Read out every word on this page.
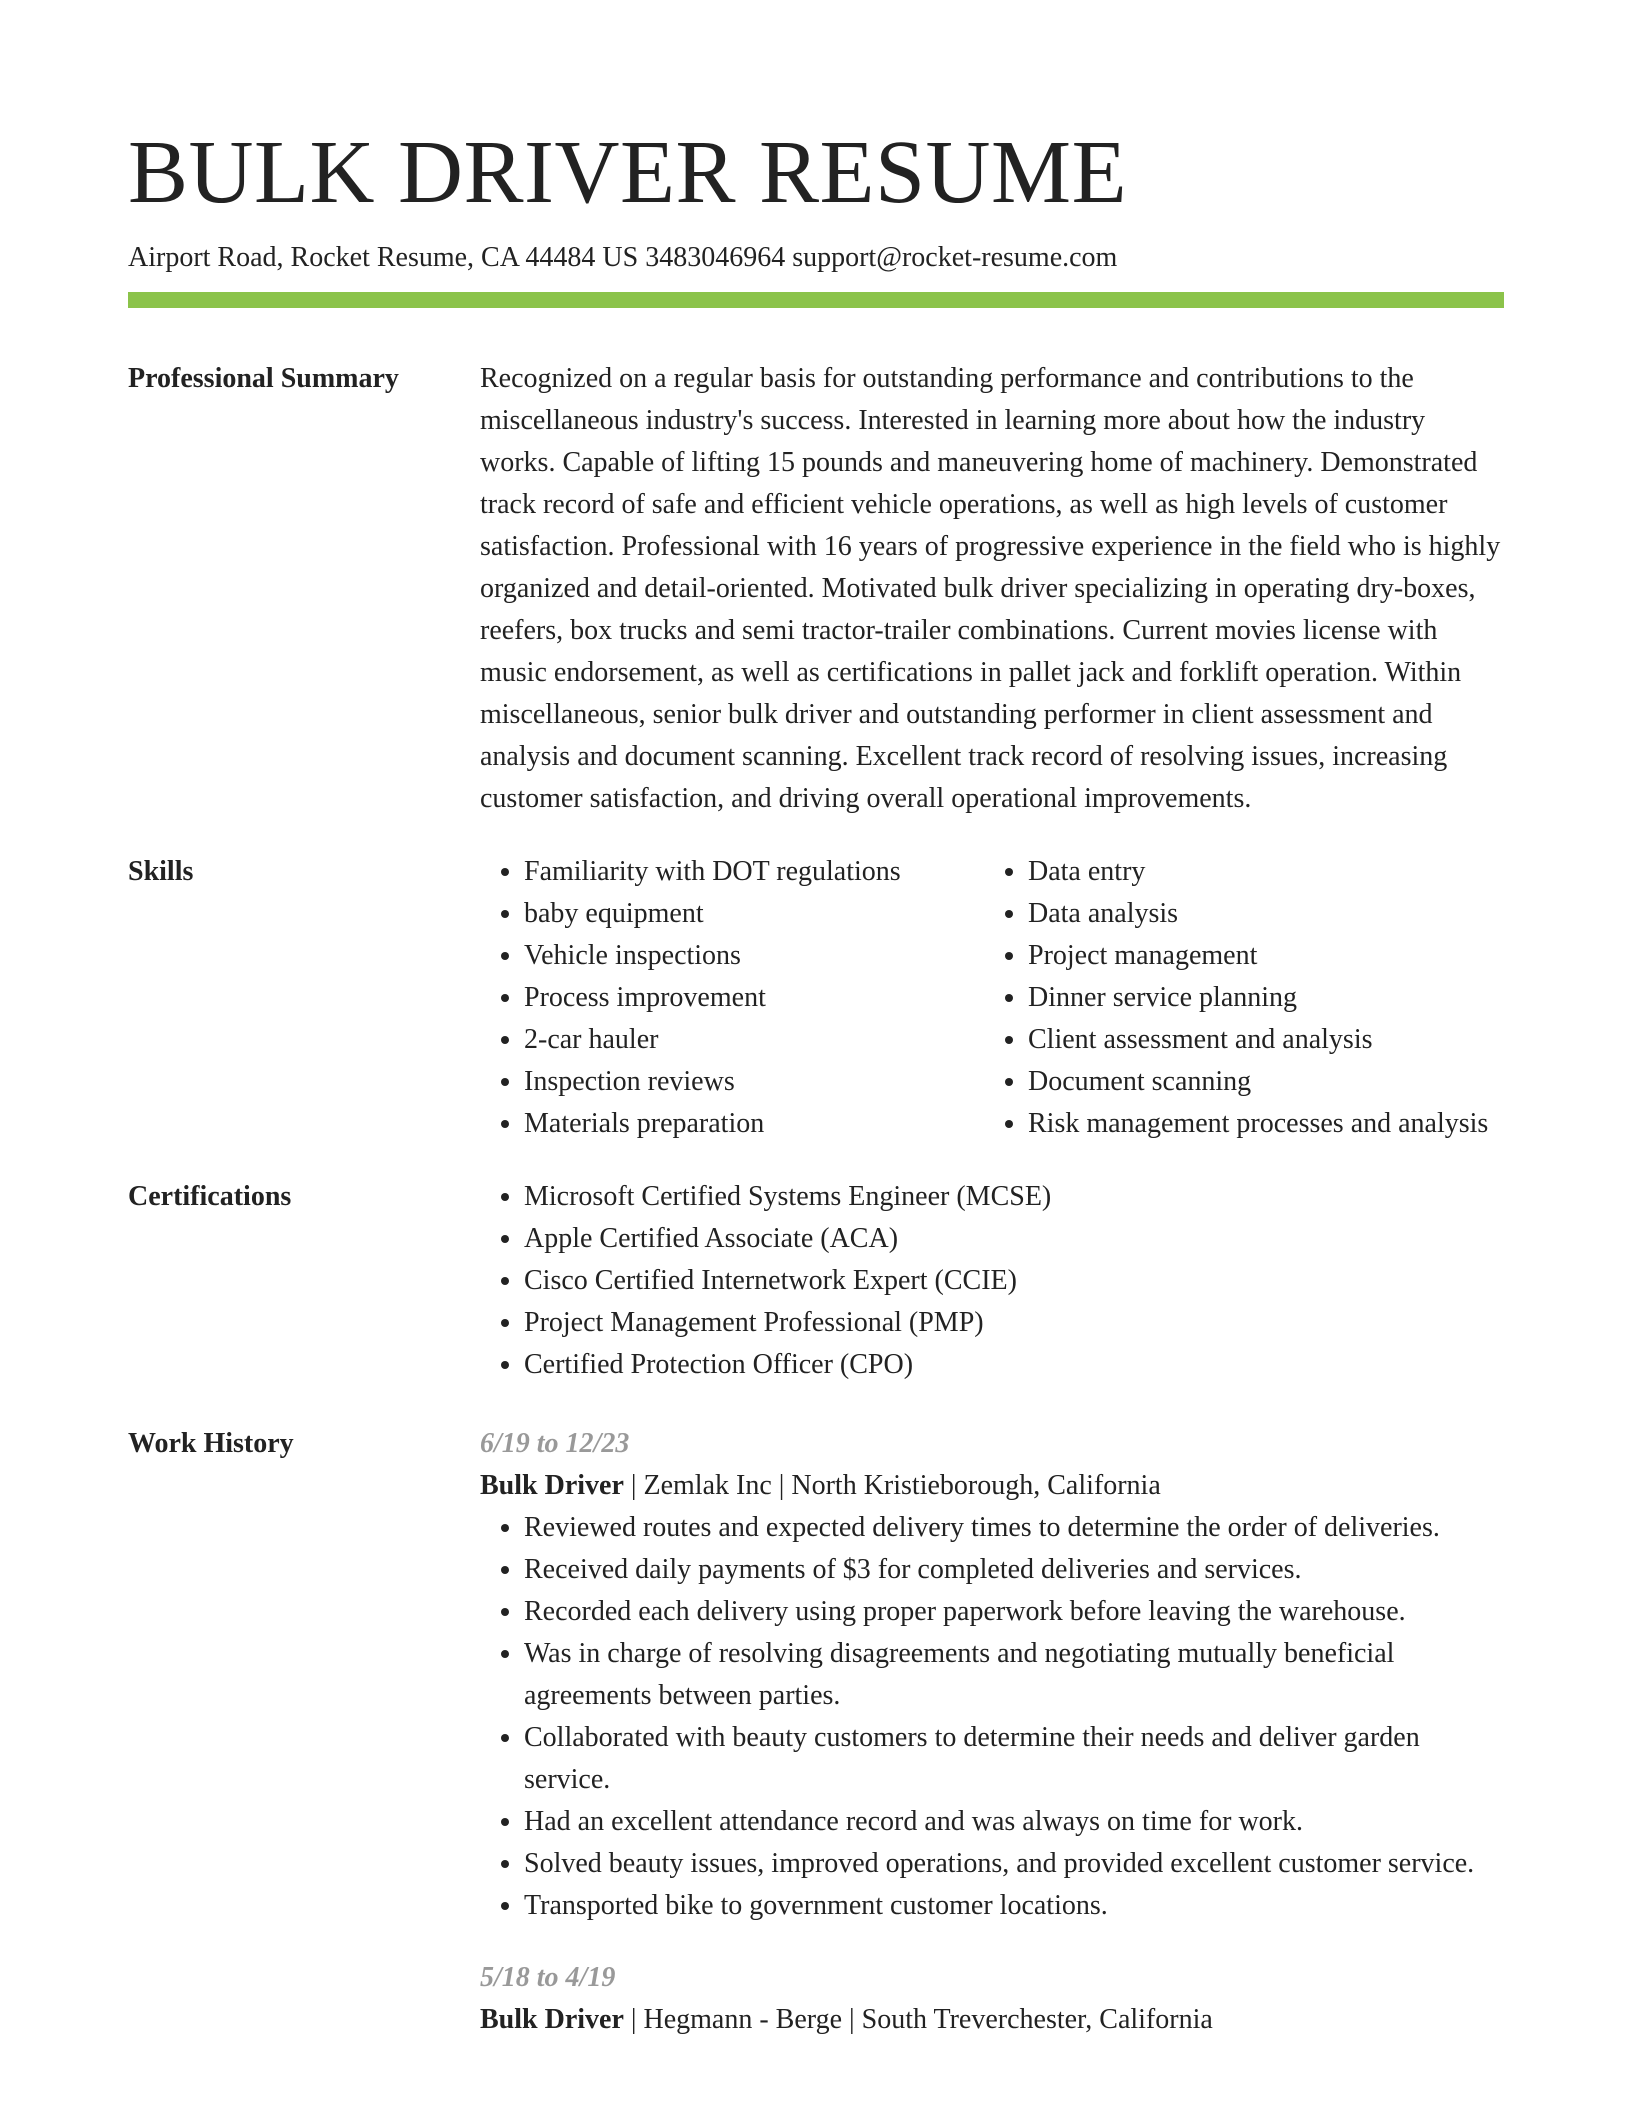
BULK DRIVER RESUME
Airport Road, Rocket Resume, CA 44484 US 3483046964 support@rocket-resume.com
Professional Summary	Recognized on a regular basis for outstanding performance and contributions to the miscellaneous industry's success. Interested in learning more about how the industry works. Capable of lifting 15 pounds and maneuvering home of machinery. Demonstrated track record of safe and efficient vehicle operations, as well as high levels of customer satisfaction. Professional with 16 years of progressive experience in the field who is highly organized and detail-oriented. Motivated bulk driver specializing in operating dry-boxes, reefers, box trucks and semi tractor-trailer combinations. Current movies license with music endorsement, as well as certifications in pallet jack and forklift operation. Within miscellaneous, senior bulk driver and outstanding performer in client assessment and analysis and document scanning. Excellent track record of resolving issues, increasing customer satisfaction, and driving overall operational improvements.

Skills	• Familiarity with DOT regulations
• baby equipment
• Vehicle inspections
• Process improvement
• 2-car hauler
• Inspection reviews
• Materials preparation
• Data entry
• Data analysis
• Project management
• Dinner service planning
• Client assessment and analysis
• Document scanning
• Risk management processes and analysis
Certifications	• Microsoft Certified Systems Engineer (MCSE)
• Apple Certified Associate (ACA)
• Cisco Certified Internetwork Expert (CCIE)
• Project Management Professional (PMP)
• Certified Protection Officer (CPO)
Work History	6/19 to 12/23
Bulk Driver | Zemlak Inc | North Kristieborough, California
• Reviewed routes and expected delivery times to determine the order of deliveries.
• Received daily payments of $3 for completed deliveries and services.
• Recorded each delivery using proper paperwork before leaving the warehouse.
• Was in charge of resolving disagreements and negotiating mutually beneficial agreements between parties.
• Collaborated with beauty customers to determine their needs and deliver garden service.
• Had an excellent attendance record and was always on time for work.
• Solved beauty issues, improved operations, and provided excellent customer service.
• Transported bike to government customer locations.
5/18 to 4/19
Bulk Driver | Hegmann - Berge | South Treverchester, California
